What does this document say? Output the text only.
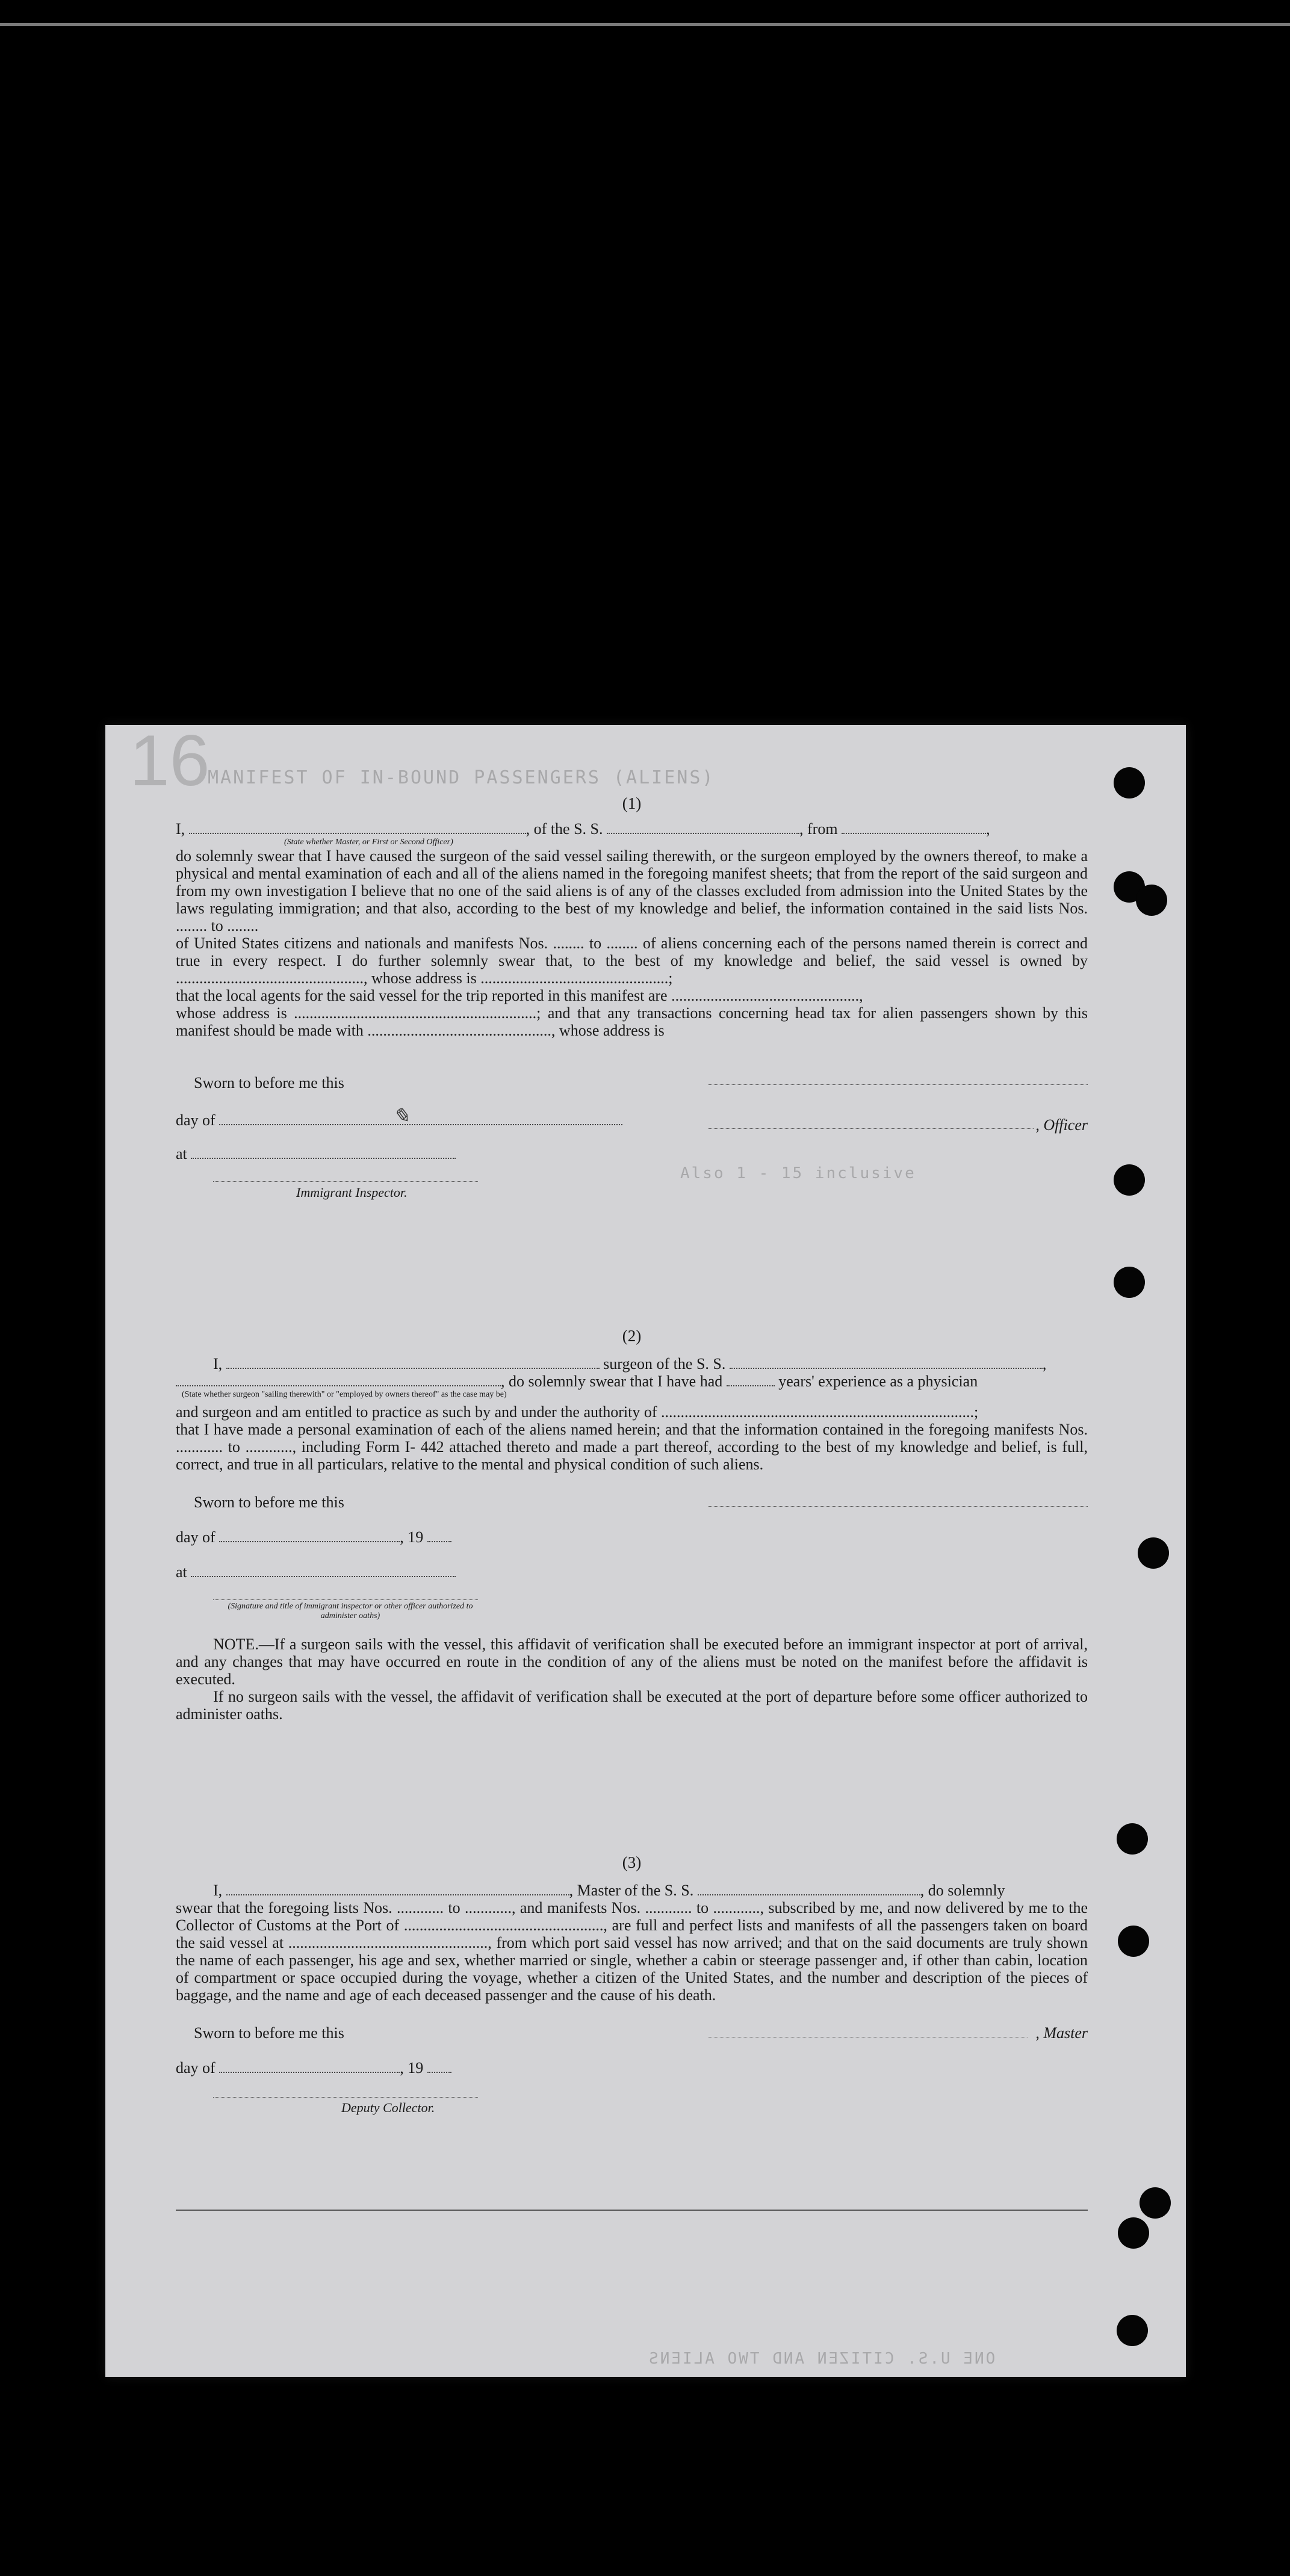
16
MANIFEST OF IN-BOUND PASSENGERS (ALIENS)
Also 1 - 15 inclusive
ONE U.S. CITIZEN AND TWO ALIENS
(1)
I,	, of the S. S.	, from	,
(State whether Master, or First or Second Officer)
do solemnly swear that I have caused the surgeon of the said vessel sailing therewith, or the surgeon employed by the owners thereof, to make a physical and mental examination of each and all of the aliens named in the foregoing manifest sheets; that from the report of the said surgeon and from my own investigation I believe that no one of the said aliens is of any of the classes excluded from admission into the United States by the laws regulating immigration; and that also, according to the best of my knowledge and belief, the information contained in the said lists Nos. ........ to ........
of United States citizens and nationals and manifests Nos. ........ to ........ of aliens concerning each of the persons named therein is correct and true in every respect. I do further solemnly swear that, to the best of my knowledge and belief, the said vessel is owned by ................................................, whose address is ................................................;
that the local agents for the said vessel for the trip reported in this manifest are ................................................,
whose address is ..............................................................; and that any transactions concerning head tax for alien passengers shown by this manifest should be made with ..............................................., whose address is
Sworn to before me this
day of	✎	, Officer
at
Immigrant Inspector.
(2)
I,	surgeon of the S. S.	,
, do solemnly swear that I have had	years' experience as a physician
(State whether surgeon "sailing therewith" or "employed by owners thereof" as the case may be)
and surgeon and am entitled to practice as such by and under the authority of ................................................................................;
that I have made a personal examination of each of the aliens named herein; and that the information contained in the foregoing manifests Nos. ............ to ............, including Form I- 442 attached thereto and made a part thereof, according to the best of my knowledge and belief, is full, correct, and true in all particulars, relative to the mental and physical condition of such aliens.
Sworn to before me this
day of	, 19
at
(Signature and title of immigrant inspector or other officer authorized to administer oaths)
NOTE.—If a surgeon sails with the vessel, this affidavit of verification shall be executed before an immigrant inspector at port of arrival, and any changes that may have occurred en route in the condition of any of the aliens must be noted on the manifest before the affidavit is executed.
If no surgeon sails with the vessel, the affidavit of verification shall be executed at the port of departure before some officer authorized to administer oaths.
(3)
I,	, Master of the S. S.	, do solemnly
swear that the foregoing lists Nos. ............ to ............, and manifests Nos. ............ to ............, subscribed by me, and now delivered by me to the Collector of Customs at the Port of ..................................................., are full and perfect lists and manifests of all the passengers taken on board the said vessel at ..................................................., from which port said vessel has now arrived; and that on the said documents are truly shown the name of each passenger, his age and sex, whether married or single, whether a cabin or steerage passenger and, if other than cabin, location of compartment or space occupied during the voyage, whether a citizen of the United States, and the number and description of the pieces of baggage, and the name and age of each deceased passenger and the cause of his death.
Sworn to before me this	, Master
day of	, 19
Deputy Collector.
